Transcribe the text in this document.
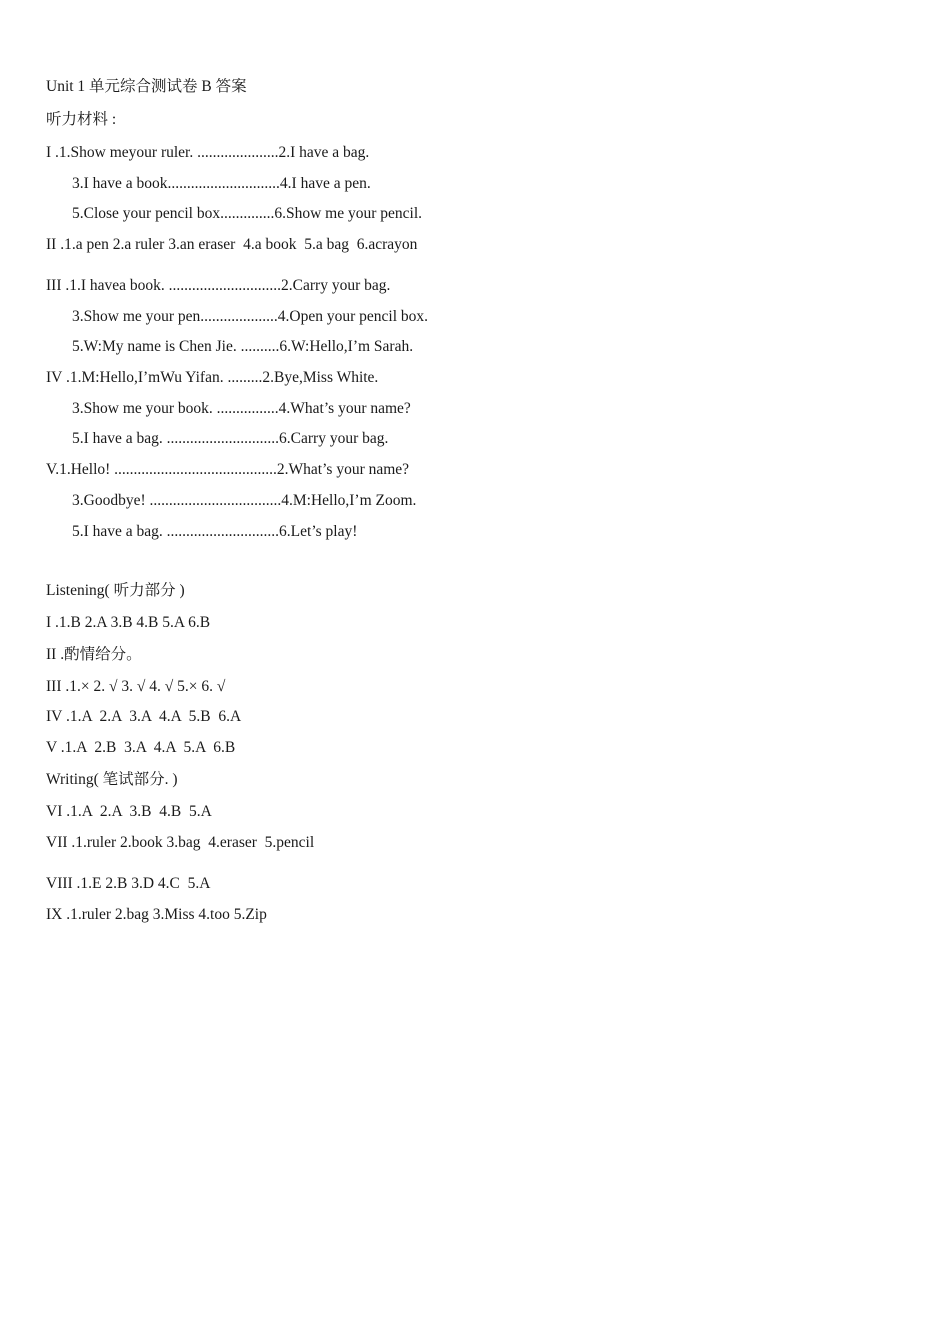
Unit 1 单元综合测试卷 B 答案
听力材料 :
I .1.Show meyour ruler. .....................2.I have a bag.
3.I have a book.............................4.I have a pen.
5.Close your pencil box..............6.Show me your pencil.
II .1.a pen 2.a ruler 3.an eraser  4.a book  5.a bag  6.acrayon
III .1.I havea book. .............................2.Carry your bag.
3.Show me your pen....................4.Open your pencil box.
5.W:My name is Chen Jie. ..........6.W:Hello,I’m Sarah.
IV .1.M:Hello,I’mWu Yifan. .........2.Bye,Miss White.
3.Show me your book. ................4.What’s your name?
5.I have a bag. .............................6.Carry your bag.
V.1.Hello! ..........................................2.What’s your name?
3.Goodbye! ..................................4.M:Hello,I’m Zoom.
5.I have a bag. .............................6.Let’s play!
Listening( 听力部分 )
I .1.B 2.A 3.B 4.B 5.A 6.B
II .酌情给分。
III .1.× 2. √ 3. √ 4. √ 5.× 6. √
IV .1.A  2.A  3.A  4.A  5.B  6.A
V .1.A  2.B  3.A  4.A  5.A  6.B
Writing( 笔试部分. )
VI .1.A  2.A  3.B  4.B  5.A
VII .1.ruler 2.book 3.bag  4.eraser  5.pencil
VIII .1.E 2.B 3.D 4.C  5.A
IX .1.ruler 2.bag 3.Miss 4.too 5.Zip
